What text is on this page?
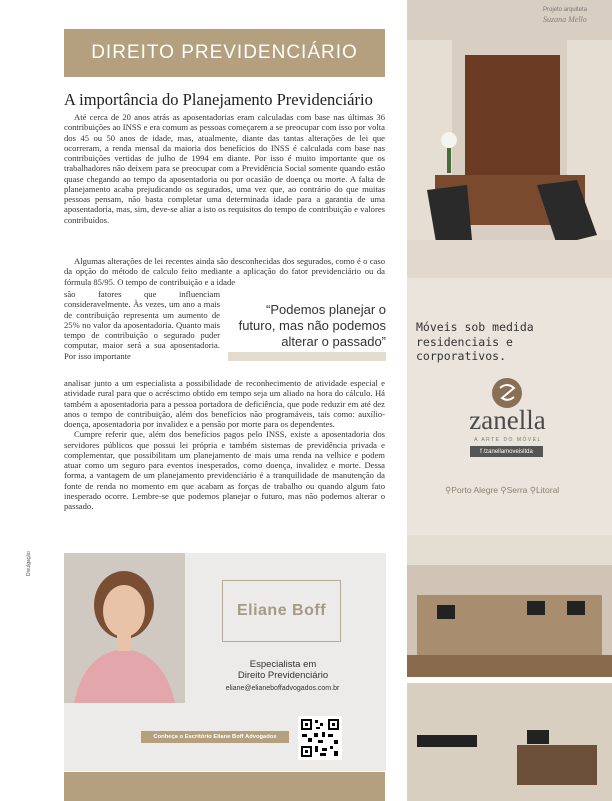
DIREITO PREVIDENCIÁRIO
A importância do Planejamento Previdenciário

Até cerca de 20 anos atrás as aposentadorias eram calculadas com base nas últimas 36 contribuições ao INSS e era comum as pessoas começarem a se preocupar com isso por volta dos 45 ou 50 anos de idade, mas, atualmente, diante das tantas alterações de lei que ocorreram, a renda mensal da maioria dos benefícios do INSS é calculada com base nas contribuições vertidas de julho de 1994 em diante. Por isso é muito importante que os trabalhadores não deixem para se preocupar com a Previdência Social somente quando estão quase chegando ao tempo da aposentadoria ou por ocasião de doença ou morte. A falta de planejamento acaba prejudicando os segurados, uma vez que, ao contrário do que muitas pessoas pensam, não basta completar uma determinada idade para a garantia de uma aposentadoria, mas, sim, deve-se aliar a isto os requisitos do tempo de contribuição e valores contribuídos.

Algumas alterações de lei recentes ainda são desconhecidas dos segurados, como é o caso da opção do método de calculo feito mediante a aplicação do fator previdenciário ou da fórmula 85/95. O tempo de contribuição e a idade

são fatores que influenciam consideravelmente. Às vezes, um ano a mais de contribuição representa um aumento de 25% no valor da aposentadoria. Quanto mais tempo de contribuição o segurado puder computar, maior será a sua aposentadoria. Por isso importante

“Podemos planejar o futuro, mas não podemos alterar o passado”

analisar junto a um especialista a possibilidade de reconhecimento de atividade especial e atividade rural para que o acréscimo obtido em tempo seja um aliado na hora do cálculo. Há também a aposentadoria para a pessoa portadora de deficiência, que pode reduzir em até dez anos o tempo de contribuição, além dos benefícios não programáveis, tais como: auxílio-doença, aposentadoria por invalidez e a pensão por morte para os dependentes.

Cumpre referir que, além dos benefícios pagos pelo INSS, existe a aposentadoria dos servidores públicos que possui lei própria e também sistemas de previdência privada e complementar, que possibilitam um planejamento de mais uma renda na velhice e podem atuar como um seguro para eventos inesperados, como doença, invalidez e morte. Dessa forma, a vantagem de um planejamento previdenciário é a tranquilidade de manutenção da fonte de renda no momento em que acabam as forças de trabalho ou quando algum fato inesperado ocorre. Lembre-se que podemos planejar o futuro, mas não podemos alterar o passado.

Divulgação
Eliane Boff
Especialista em
Direito Previdenciário
eliane@elianeboffadvogados.com.br
Conheça o Escritório Eliane Boff Advogados
Projeto arquiteta
Suzana Mello
Móveis sob medida residenciais e corporativos.
zanella
A ARTE DO MÓVEL
f /zanellamoveisltda
⚲Porto Alegre ⚲Serra ⚲Litoral
